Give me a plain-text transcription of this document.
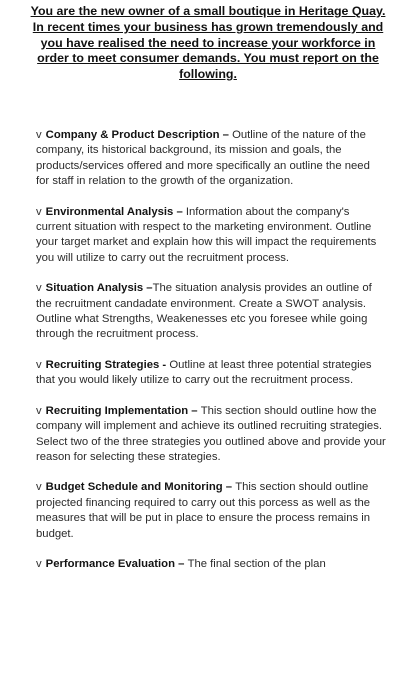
You are the new owner of a small boutique in Heritage Quay. In recent times your business has grown tremendously and you have realised the need to increase your workforce in order to meet consumer demands. You must report on the following.
v Company & Product Description – Outline of the nature of the company, its historical background, its mission and goals, the products/services offered and more specifically an outline the need for staff in relation to the growth of the organization.
v Environmental Analysis – Information about the company's current situation with respect to the marketing environment. Outline your target market and explain how this will impact the requirements you will utilize to carry out the recruitment process.
v Situation Analysis –The situation analysis provides an outline of the recruitment candadate environment. Create a SWOT analysis. Outline what Strengths, Weakenesses etc you foresee while going through the recruitment process.
v Recruiting Strategies - Outline at least three potential strategies that you would likely utilize to carry out the recruitment process.
v Recruiting Implementation – This section should outline how the company will implement and achieve its outlined recruiting strategies. Select two of the three strategies you outlined above and provide your reason for selecting these strategies.
v Budget Schedule and Monitoring – This section should outline projected financing required to carry out this porcess as well as the measures that will be put in place to ensure the process remains in budget.
v Performance Evaluation – The final section of the plan
